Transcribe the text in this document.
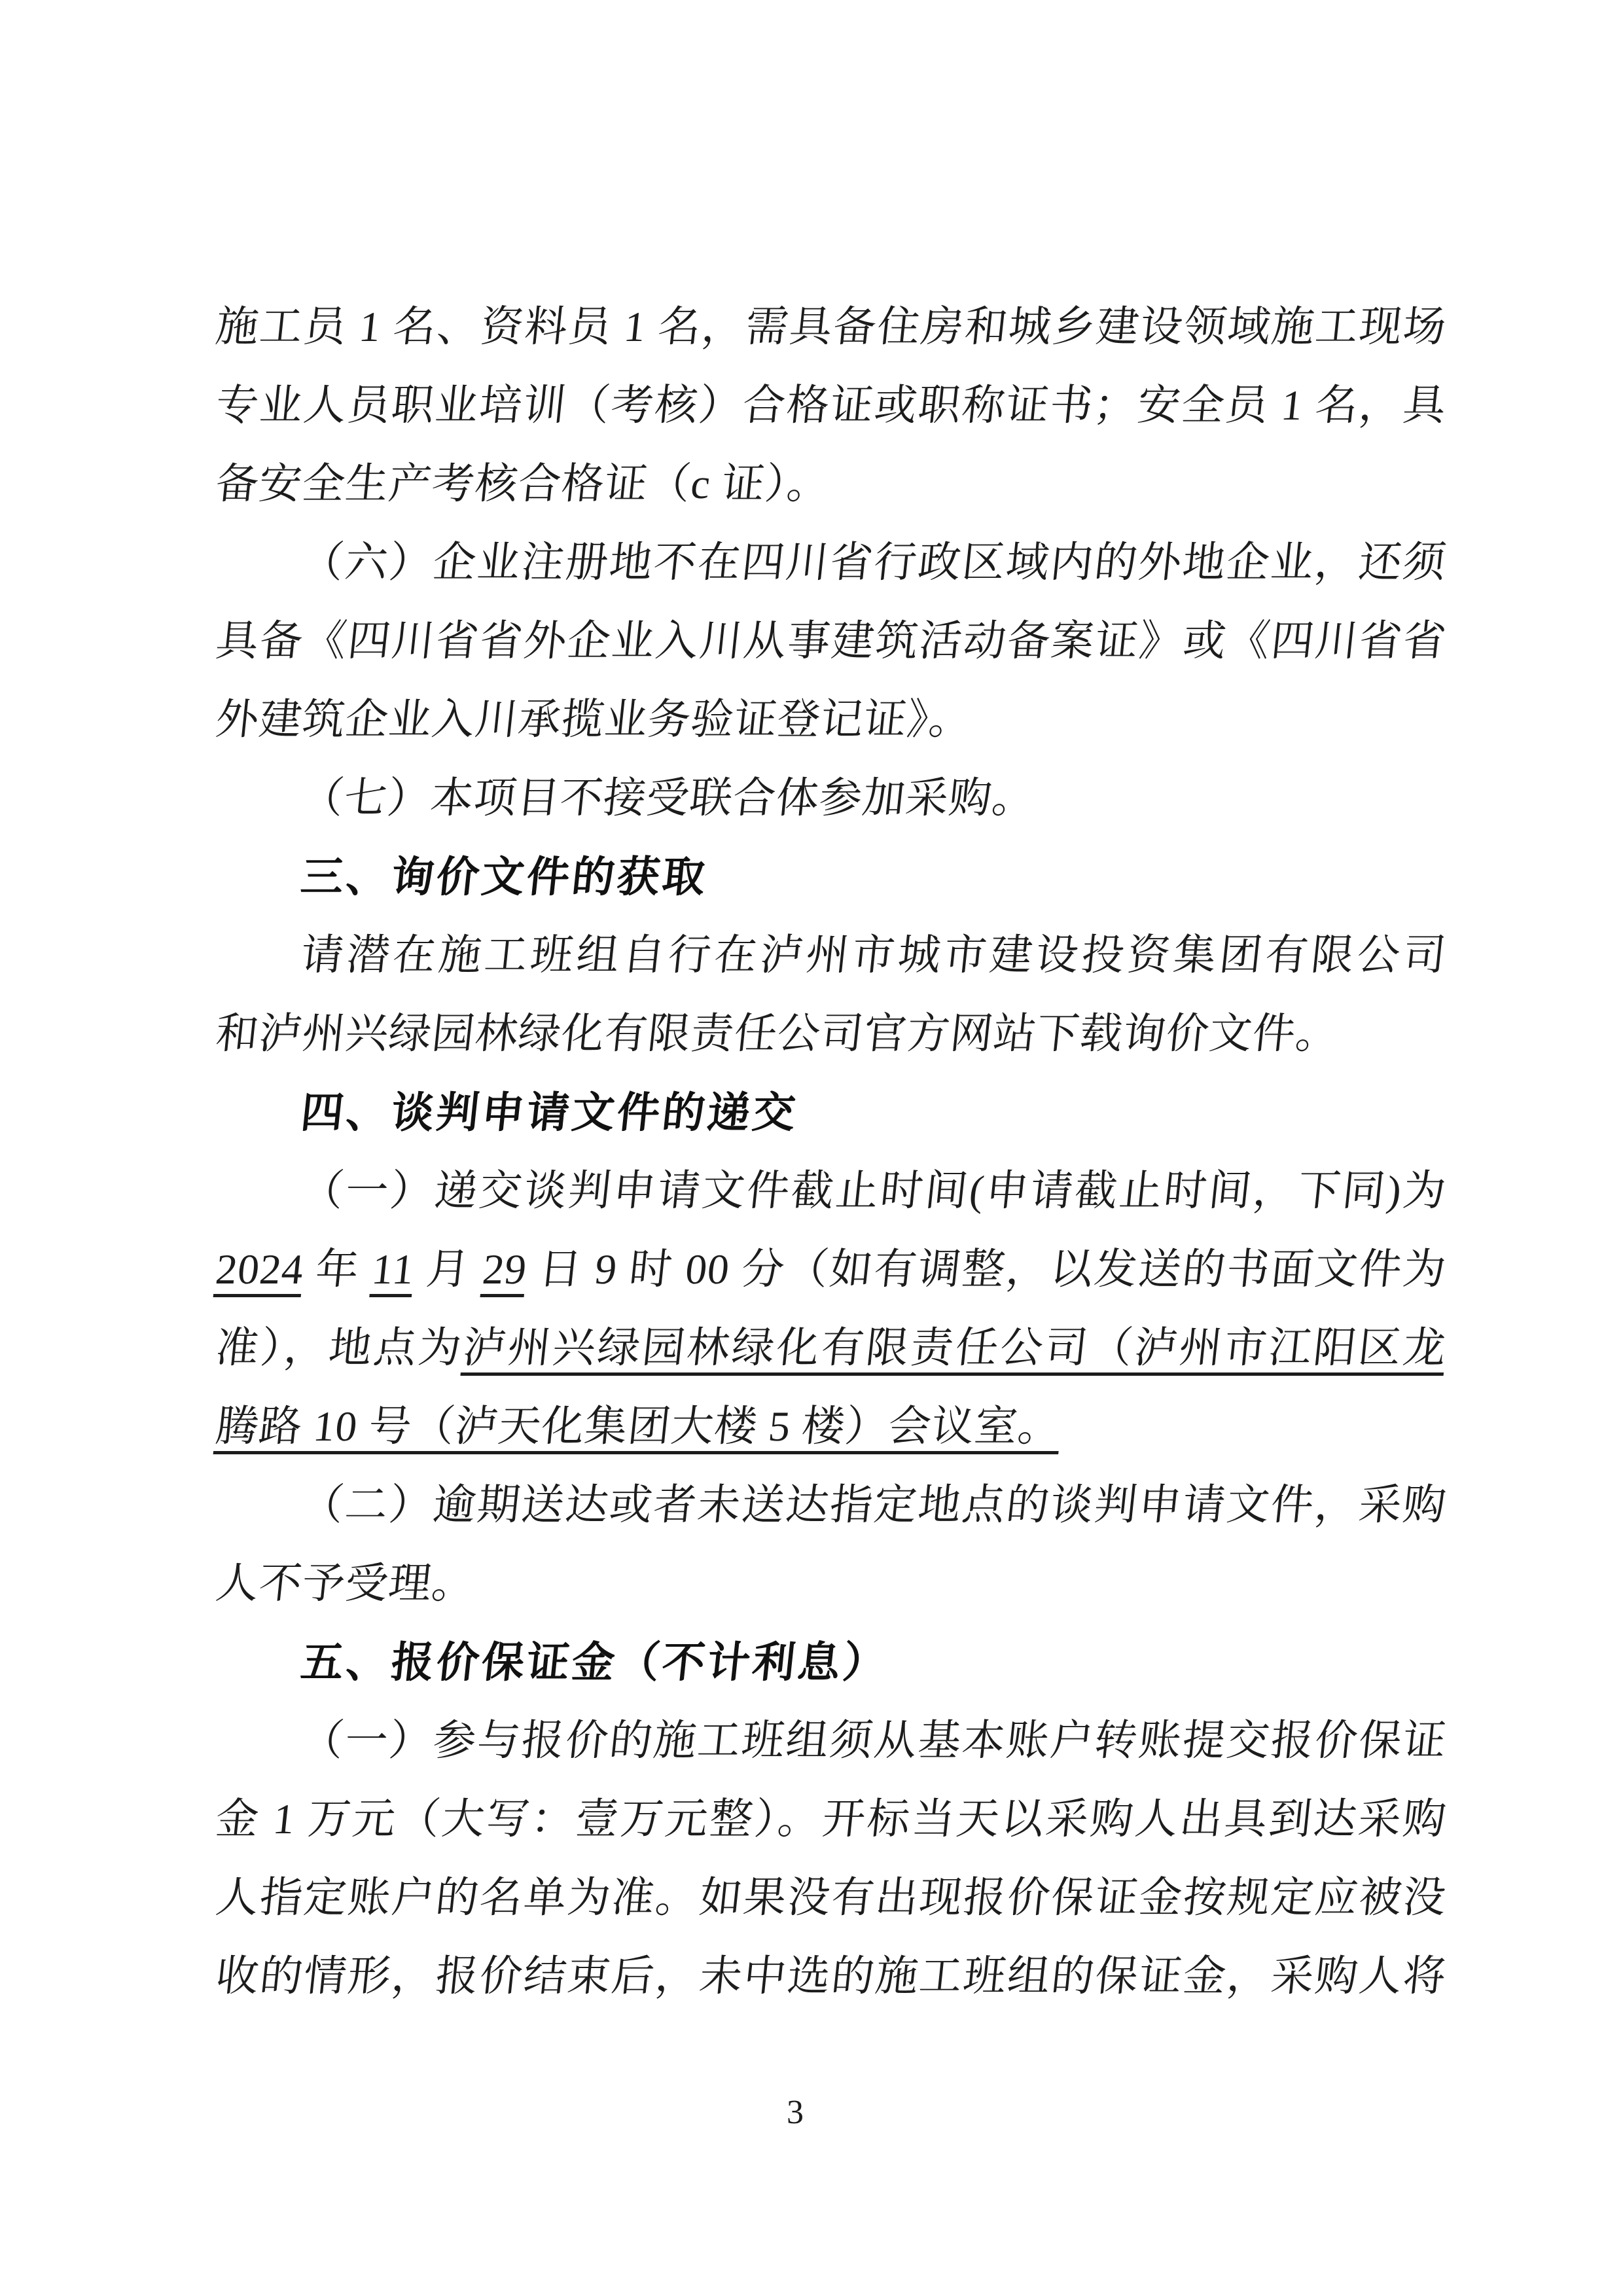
施工员 1 名、资料员 1 名，需具备住房和城乡建设领域施工现场
专业人员职业培训（考核）合格证或职称证书；安全员 1 名，具
备安全生产考核合格证（c 证）。
（六）企业注册地不在四川省行政区域内的外地企业，还须
具备《四川省省外企业入川从事建筑活动备案证》或《四川省省
外建筑企业入川承揽业务验证登记证》。
（七）本项目不接受联合体参加采购。
三、询价文件的获取
请潜在施工班组自行在泸州市城市建设投资集团有限公司
和泸州兴绿园林绿化有限责任公司官方网站下载询价文件。
四、谈判申请文件的递交
（一）递交谈判申请文件截止时间(申请截止时间，下同)为
2024 年 11 月 29 日 9 时 00 分（如有调整，以发送的书面文件为
准），地点为泸州兴绿园林绿化有限责任公司（泸州市江阳区龙
腾路 10 号（泸天化集团大楼 5 楼）会议室。
（二）逾期送达或者未送达指定地点的谈判申请文件，采购
人不予受理。
五、报价保证金（不计利息）
（一）参与报价的施工班组须从基本账户转账提交报价保证
金 1 万元（大写：壹万元整）。开标当天以采购人出具到达采购
人指定账户的名单为准。如果没有出现报价保证金按规定应被没
收的情形，报价结束后，未中选的施工班组的保证金，采购人将
3
